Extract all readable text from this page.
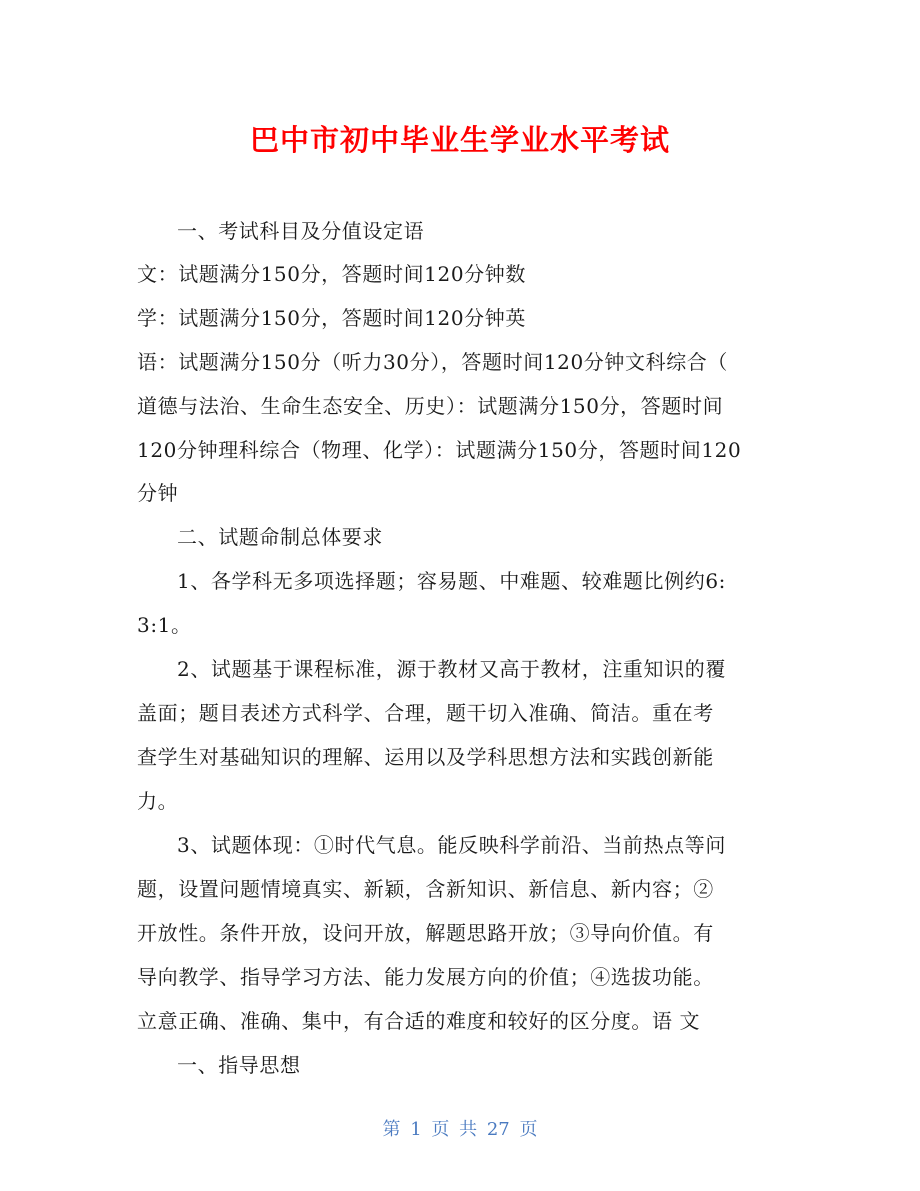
巴中市初中毕业生学业水平考试
一、考试科目及分值设定语
文：试题满分150分，答题时间120分钟数
学：试题满分150分，答题时间120分钟英
语：试题满分150分（听力30分），答题时间120分钟文科综合（
道德与法治、生命生态安全、历史）：试题满分150分，答题时间
120分钟理科综合（物理、化学）：试题满分150分，答题时间120
分钟
二、试题命制总体要求
1、各学科无多项选择题；容易题、中难题、较难题比例约6:
3:1。
2、试题基于课程标准，源于教材又高于教材，注重知识的覆
盖面；题目表述方式科学、合理，题干切入准确、简洁。重在考
查学生对基础知识的理解、运用以及学科思想方法和实践创新能
力。
3、试题体现：①时代气息。能反映科学前沿、当前热点等问
题，设置问题情境真实、新颖，含新知识、新信息、新内容；②
开放性。条件开放，设问开放，解题思路开放；③导向价值。有
导向教学、指导学习方法、能力发展方向的价值；④选拔功能。
立意正确、准确、集中，有合适的难度和较好的区分度。语 文
一、指导思想
第 1 页 共 27 页
